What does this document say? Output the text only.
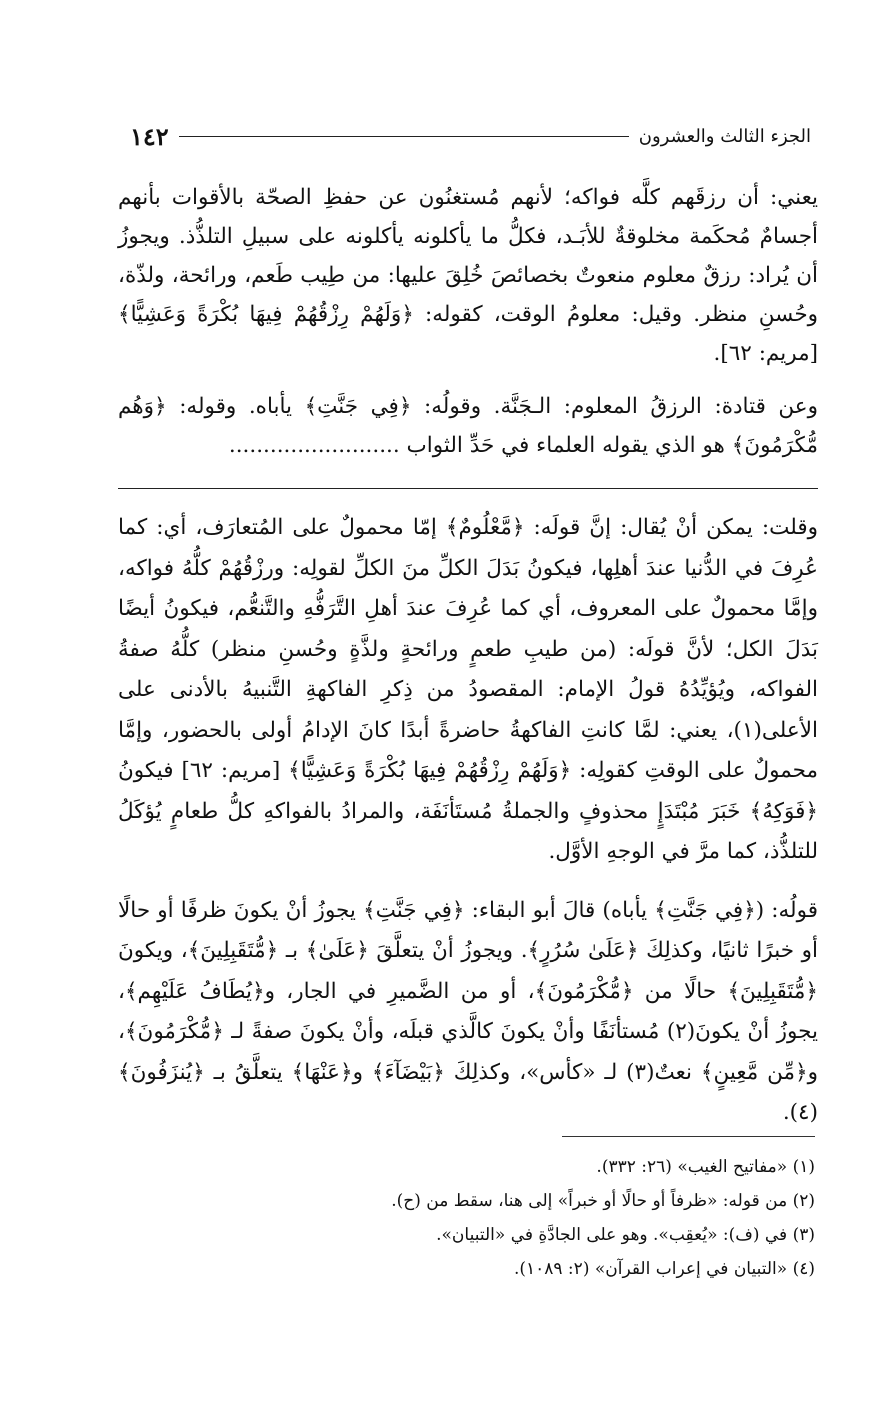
١٤٢	الجزء الثالث والعشرون

يعني: أن رزقَهم كلَّه فواكه؛ لأنهم مُستغنُون عن حفظِ الصحّة بالأقوات بأنهم أجسامٌ مُحكَمة مخلوقةٌ للأبَـد، فكلُّ ما يأكلونه يأكلونه على سبيلِ التلذُّذ. ويجوزُ أن يُراد: رزقٌ معلوم منعوتٌ بخصائصَ خُلِقَ عليها: من طِيب طَعم، ورائحة، ولذّة، وحُسنِ منظر. وقيل: معلومُ الوقت، كقوله: ﴿وَلَهُمْ رِزْقُهُمْ فِيهَا بُكْرَةً وَعَشِيًّا﴾ [مريم: ٦٢].

وعن قتادة: الرزقُ المعلوم: الـجَنَّة. وقولُه: ﴿فِي جَنَّتِ﴾ يأباه. وقوله: ﴿وَهُم مُّكْرَمُونَ﴾ هو الذي يقوله العلماء في حَدِّ الثواب .........................

وقلت: يمكن أنْ يُقال: إنَّ قولَه: ﴿مَّعْلُومٌ﴾ إمّا محمولٌ على المُتعارَف، أي: كما عُرِفَ في الدُّنيا عندَ أهلِها، فيكونُ بَدَلَ الكلِّ منَ الكلِّ لقولِه: ورزْقُهُمْ كلُّهُ فواكه، وإمَّا محمولٌ على المعروف، أي كما عُرِفَ عندَ أهلِ التَّرَفُّهِ والتَّنعُّم، فيكونُ أيضًا بَدَلَ الكل؛ لأنَّ قولَه: (من طيبِ طعمٍ ورائحةٍ ولذَّةٍ وحُسنِ منظر) كلُّهُ صفةُ الفواكه، ويُؤيِّدُهُ قولُ الإمام: المقصودُ من ذِكرِ الفاكهةِ التَّنبيهُ بالأدنى على الأعلى(١)، يعني: لمَّا كانتِ الفاكهةُ حاضرةً أبدًا كانَ الإدامُ أولى بالحضور، وإمَّا محمولٌ على الوقتِ كقولِه: ﴿وَلَهُمْ رِزْقُهُمْ فِيهَا بُكْرَةً وَعَشِيًّا﴾ [مريم: ٦٢] فيكونُ ﴿فَوَكِهُ﴾ خَبَرَ مُبْتَدَإٍ محذوفٍ والجملةُ مُستَأنَفَة، والمرادُ بالفواكهِ كلُّ طعامٍ يُؤكَلُ للتلذُّذ، كما مرَّ في الوجهِ الأوَّل.

قولُه: (﴿فِي جَنَّتِ﴾ يأباه) قالَ أبو البقاء: ﴿فِي جَنَّتِ﴾ يجوزُ أنْ يكونَ ظرفًا أو حالًا أو خبرًا ثانيًا، وكذلِكَ ﴿عَلَىٰ سُرُرٍ﴾. ويجوزُ أنْ يتعلَّقَ ﴿عَلَىٰ﴾ بـ ﴿مُّتَقَبِلِينَ﴾، ويكونَ ﴿مُّتَقَبِلِينَ﴾ حالًا من ﴿مُّكْرَمُونَ﴾، أو من الضَّميرِ في الجار، و﴿يُطَافُ عَلَيْهِم﴾، يجوزُ أنْ يكونَ(٢) مُستأنَفًا وأنْ يكونَ كالَّذي قبلَه، وأنْ يكونَ صفةً لـ ﴿مُّكْرَمُونَ﴾، و﴿مِّن مَّعِينٍ﴾ نعتٌ(٣) لـ «كأس»، وكذلِكَ ﴿بَيْضَآءَ﴾ و﴿عَنْهَا﴾ يتعلَّقُ بـ ﴿يُنزَفُونَ﴾(٤).

(١) «مفاتيح الغيب» (٢٦: ٣٣٢).
(٢) من قوله: «ظرفاً أو حالًا أو خبراً» إلى هنا، سقط من (ح).
(٣) في (ف): «يُعقِب». وهو على الجادَّةِ في «التبيان».
(٤) «التبيان في إعراب القرآن» (٢: ١٠٨٩).
